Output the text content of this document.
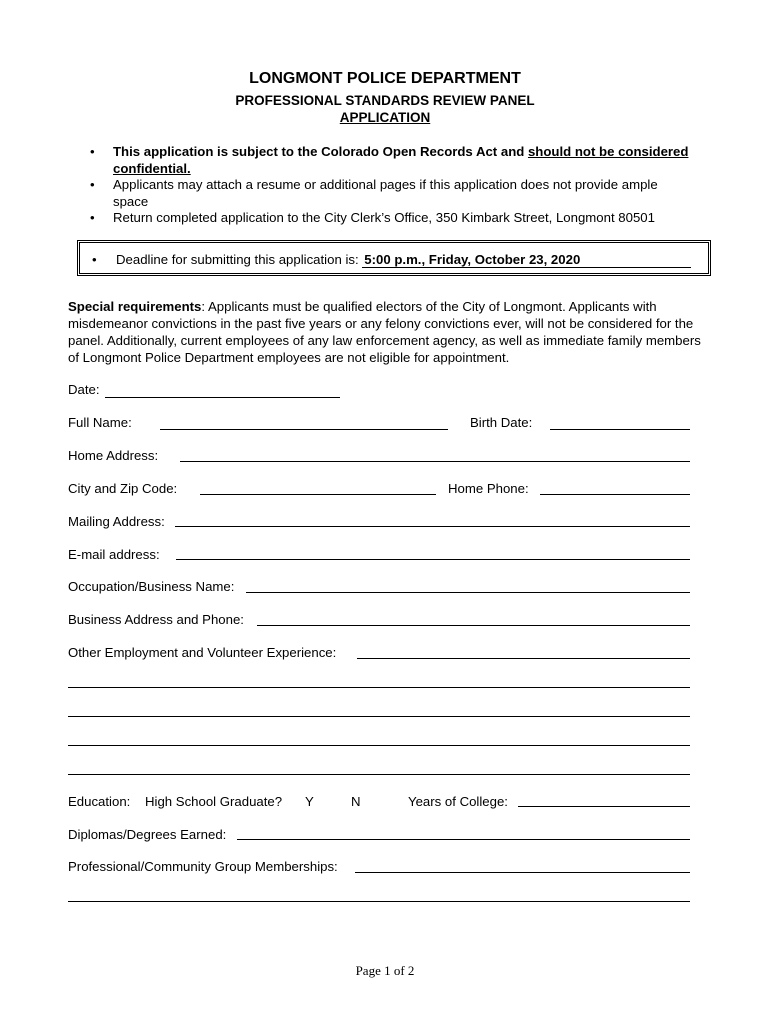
LONGMONT POLICE DEPARTMENT
PROFESSIONAL STANDARDS REVIEW PANEL
APPLICATION
• This application is subject to the Colorado Open Records Act and should not be considered confidential.
• Applicants may attach a resume or additional pages if this application does not provide ample space
• Return completed application to the City Clerk’s Office, 350 Kimbark Street, Longmont 80501
• Deadline for submitting this application is: 5:00 p.m., Friday, October 23, 2020
Special requirements: Applicants must be qualified electors of the City of Longmont. Applicants with misdemeanor convictions in the past five years or any felony convictions ever, will not be considered for the panel. Additionally, current employees of any law enforcement agency, as well as immediate family members of Longmont Police Department employees are not eligible for appointment.
Date:
Full Name:	Birth Date:
Home Address:
City and Zip Code:	Home Phone:
Mailing Address:
E-mail address:
Occupation/Business Name:
Business Address and Phone:
Other Employment and Volunteer Experience:
Education: High School Graduate? Y	N	Years of College:
Diplomas/Degrees Earned:
Professional/Community Group Memberships:
Page 1 of 2
